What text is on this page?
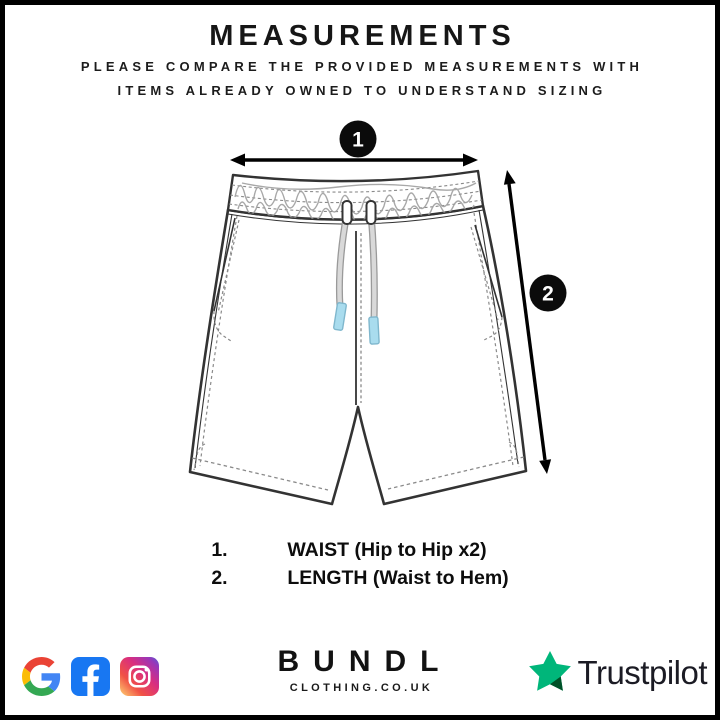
MEASUREMENTS

PLEASE COMPARE THE PROVIDED MEASUREMENTS WITH

ITEMS ALREADY OWNED TO UNDERSTAND SIZING

1
2
1.	WAIST (Hip to Hip x2)
2.	LENGTH (Waist to Hem)
BUNDL
CLOTHING.CO.UK	Trustpilot
